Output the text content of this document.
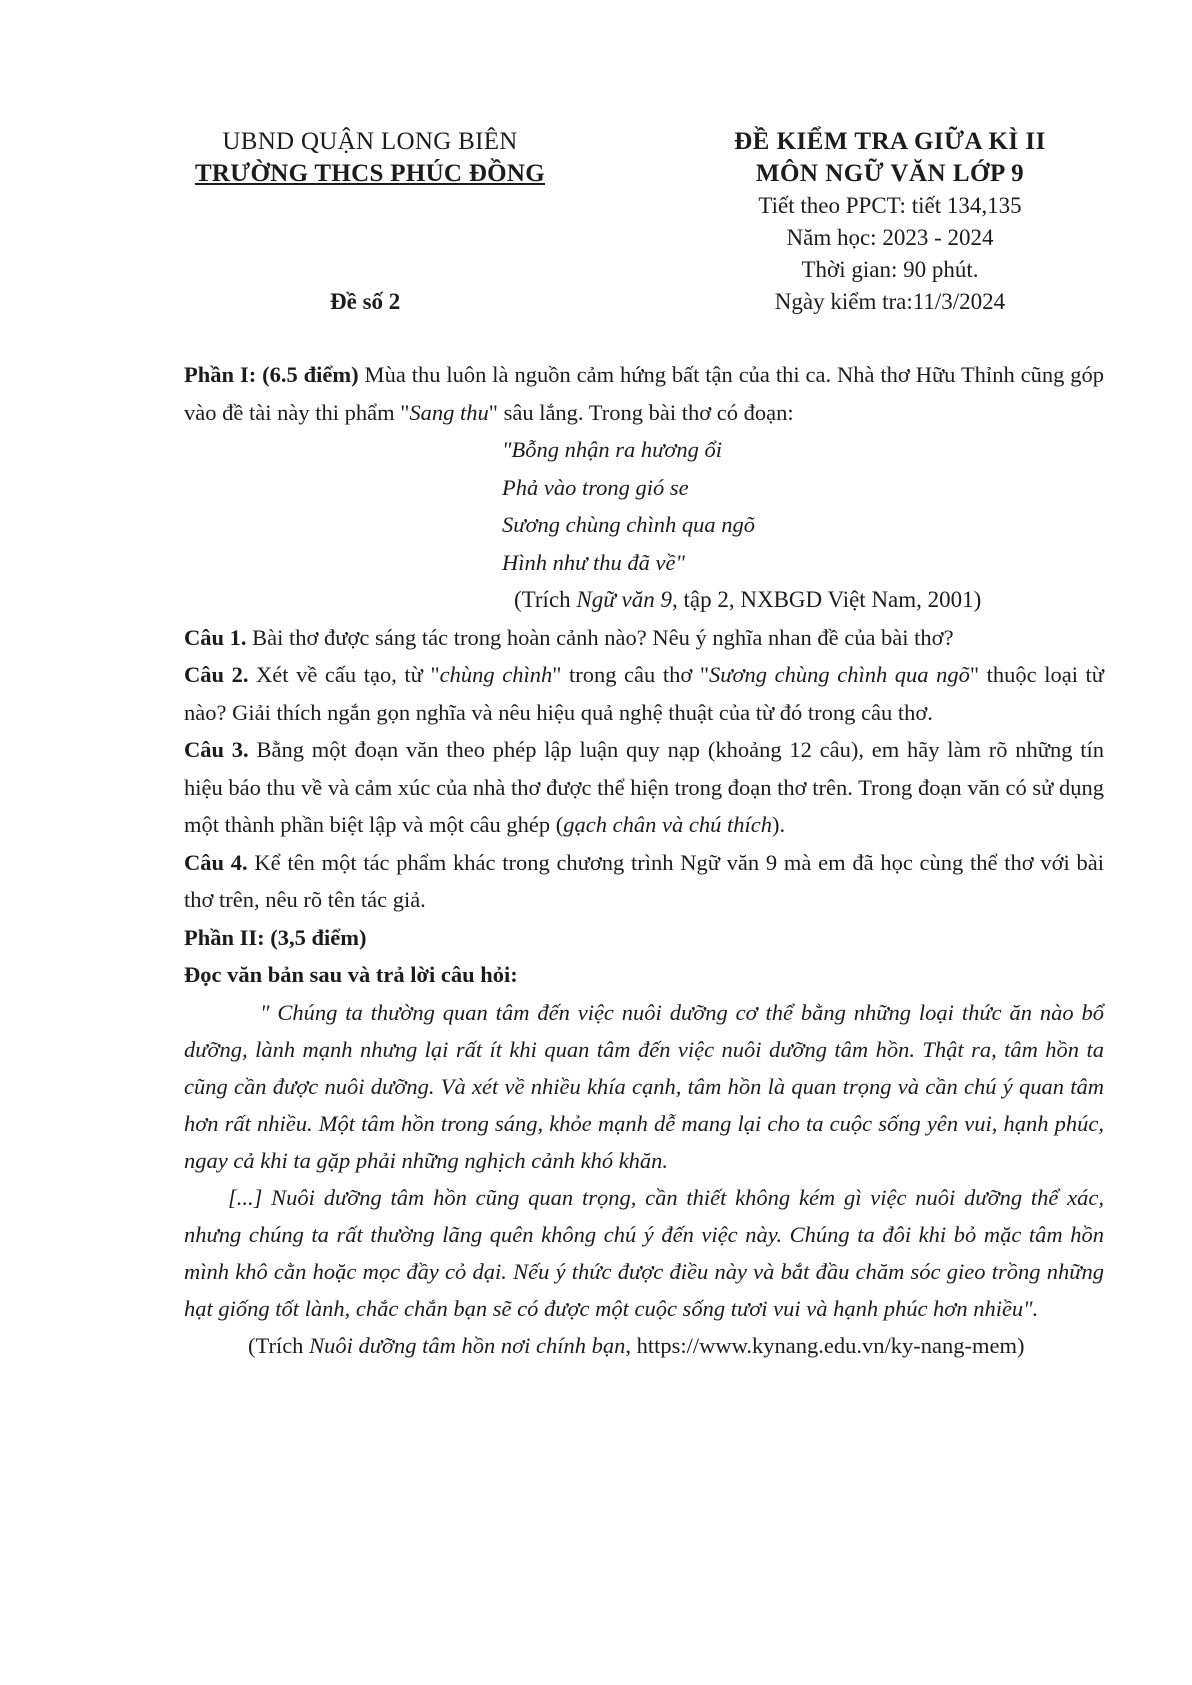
UBND QUẬN LONG BIÊN
TRƯỜNG THCS PHÚC ĐỒNG
ĐỀ KIỂM TRA GIỮA KÌ II
MÔN NGỮ VĂN LỚP 9
Tiết theo PPCT: tiết 134,135
Năm học: 2023 - 2024
Thời gian: 90 phút.
Đề số 2	Ngày kiểm tra:11/3/2024

Phần I: (6.5 điểm) Mùa thu luôn là nguồn cảm hứng bất tận của thi ca. Nhà thơ Hữu Thỉnh cũng góp vào đề tài này thi phẩm "Sang thu" sâu lắng. Trong bài thơ có đoạn:

"Bỗng nhận ra hương ổi
Phả vào trong gió se
Sương chùng chình qua ngõ
Hình như thu đã về"

(Trích Ngữ văn 9, tập 2, NXBGD Việt Nam, 2001)

Câu 1. Bài thơ được sáng tác trong hoàn cảnh nào? Nêu ý nghĩa nhan đề của bài thơ?

Câu 2. Xét về cấu tạo, từ "chùng chình" trong câu thơ "Sương chùng chình qua ngõ" thuộc loại từ nào? Giải thích ngắn gọn nghĩa và nêu hiệu quả nghệ thuật của từ đó trong câu thơ.

Câu 3. Bằng một đoạn văn theo phép lập luận quy nạp (khoảng 12 câu), em hãy làm rõ những tín hiệu báo thu về và cảm xúc của nhà thơ được thể hiện trong đoạn thơ trên. Trong đoạn văn có sử dụng một thành phần biệt lập và một câu ghép (gạch chân và chú thích).

Câu 4. Kể tên một tác phẩm khác trong chương trình Ngữ văn 9 mà em đã học cùng thể thơ với bài thơ trên, nêu rõ tên tác giả.

Phần II: (3,5 điểm)

Đọc văn bản sau và trả lời câu hỏi:

" Chúng ta thường quan tâm đến việc nuôi dưỡng cơ thể bằng những loại thức ăn nào bổ dưỡng, lành mạnh nhưng lại rất ít khi quan tâm đến việc nuôi dưỡng tâm hồn. Thật ra, tâm hồn ta cũng cần được nuôi dưỡng. Và xét về nhiều khía cạnh, tâm hồn là quan trọng và cần chú ý quan tâm hơn rất nhiều. Một tâm hồn trong sáng, khỏe mạnh dễ mang lại cho ta cuộc sống yên vui, hạnh phúc, ngay cả khi ta gặp phải những nghịch cảnh khó khăn.

[...] Nuôi dưỡng tâm hồn cũng quan trọng, cần thiết không kém gì việc nuôi dưỡng thể xác, nhưng chúng ta rất thường lãng quên không chú ý đến việc này. Chúng ta đôi khi bỏ mặc tâm hồn mình khô cằn hoặc mọc đầy cỏ dại. Nếu ý thức được điều này và bắt đầu chăm sóc gieo trồng những hạt giống tốt lành, chắc chắn bạn sẽ có được một cuộc sống tươi vui và hạnh phúc hơn nhiều".

(Trích Nuôi dưỡng tâm hồn nơi chính bạn, https://www.kynang.edu.vn/ky-nang-mem)
